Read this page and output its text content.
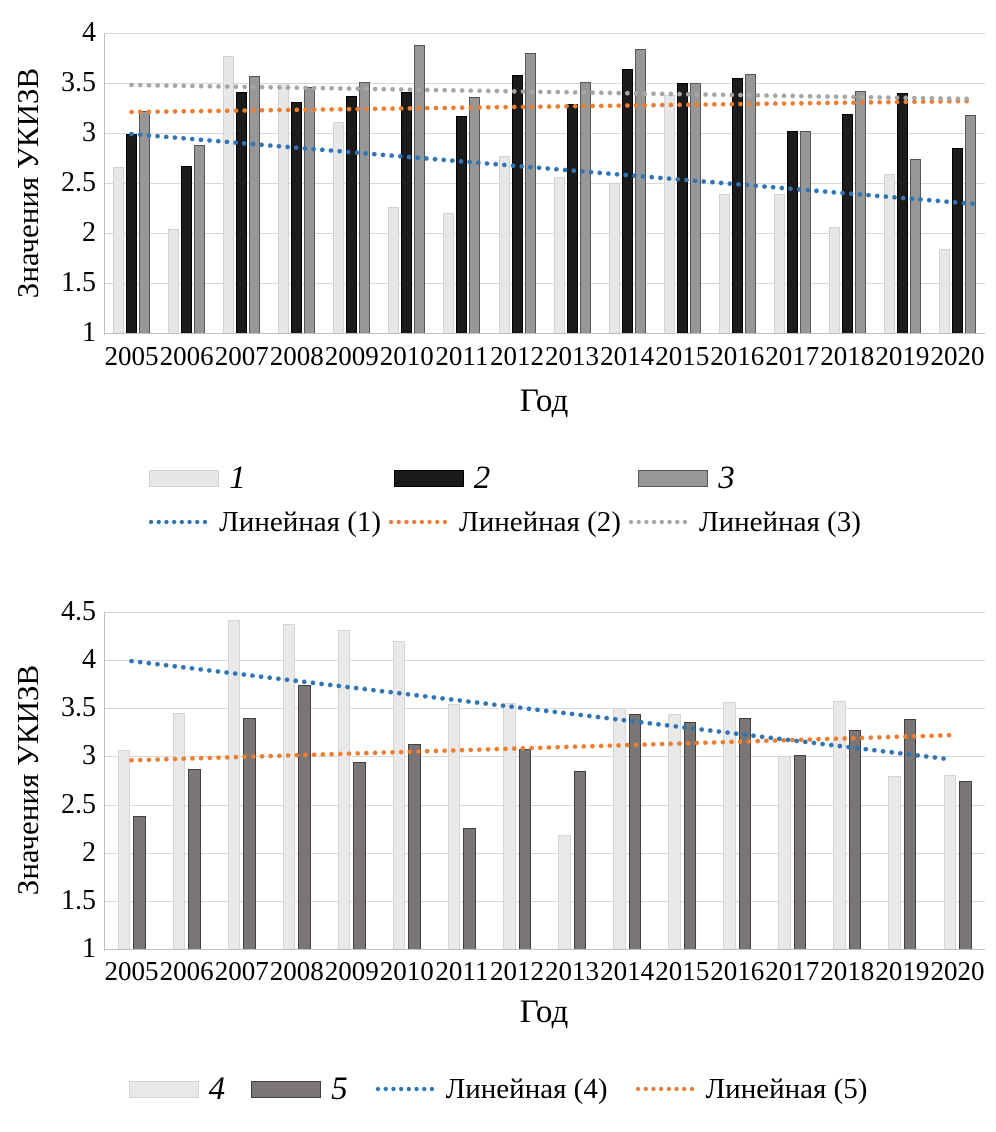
Значения УКИЗВ
Год
4
3.5
3
2.5
2
1.5
1
2005 2006 2007 2008 2009 2010 2011 2012 2013 2014 2015 2016 2017 2018 2019 2020
1	2	3
Линейная (1)	Линейная (2)	Линейная (3)
Значения УКИЗВ
Год
4.5
4
3.5
3
2.5
2
1.5
1
2005 2006 2007 2008 2009 2010 2011 2012 2013 2014 2015 2016 2017 2018 2019 2020
4	5	Линейная (4)	Линейная (5)
